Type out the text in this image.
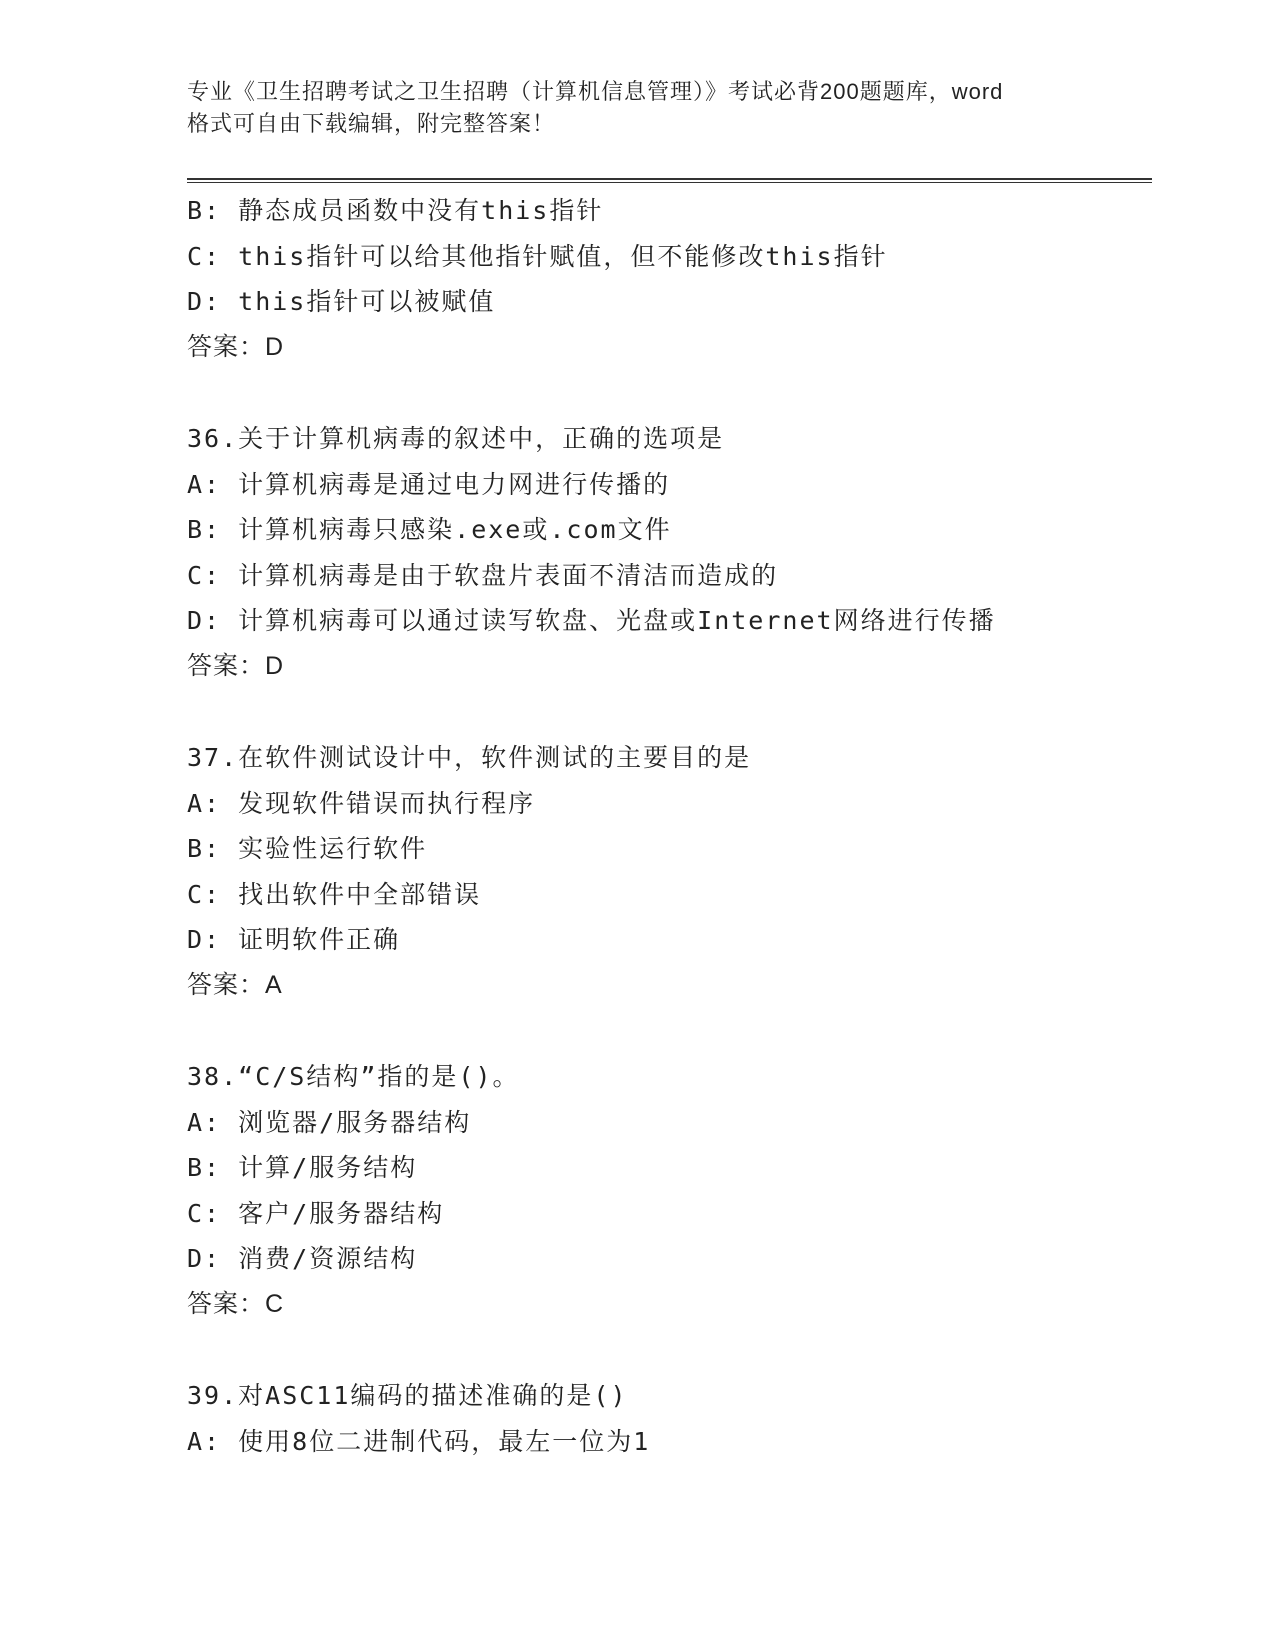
专业《卫生招聘考试之卫生招聘（计算机信息管理）》考试必背200题题库，word
格式可自由下载编辑，附完整答案！
B: 静态成员函数中没有this指针
C: this指针可以给其他指针赋值，但不能修改this指针
D: this指针可以被赋值
答案：D
36.关于计算机病毒的叙述中，正确的选项是
A: 计算机病毒是通过电力网进行传播的
B: 计算机病毒只感染.exe或.com文件
C: 计算机病毒是由于软盘片表面不清洁而造成的
D: 计算机病毒可以通过读写软盘、光盘或Internet网络进行传播
答案：D
37.在软件测试设计中，软件测试的主要目的是
A: 发现软件错误而执行程序
B: 实验性运行软件
C: 找出软件中全部错误
D: 证明软件正确
答案：A
38.“C/S结构”指的是()。
A: 浏览器/服务器结构
B: 计算/服务结构
C: 客户/服务器结构
D: 消费/资源结构
答案：C
39.对ASC11编码的描述准确的是()
A: 使用8位二进制代码，最左一位为1
